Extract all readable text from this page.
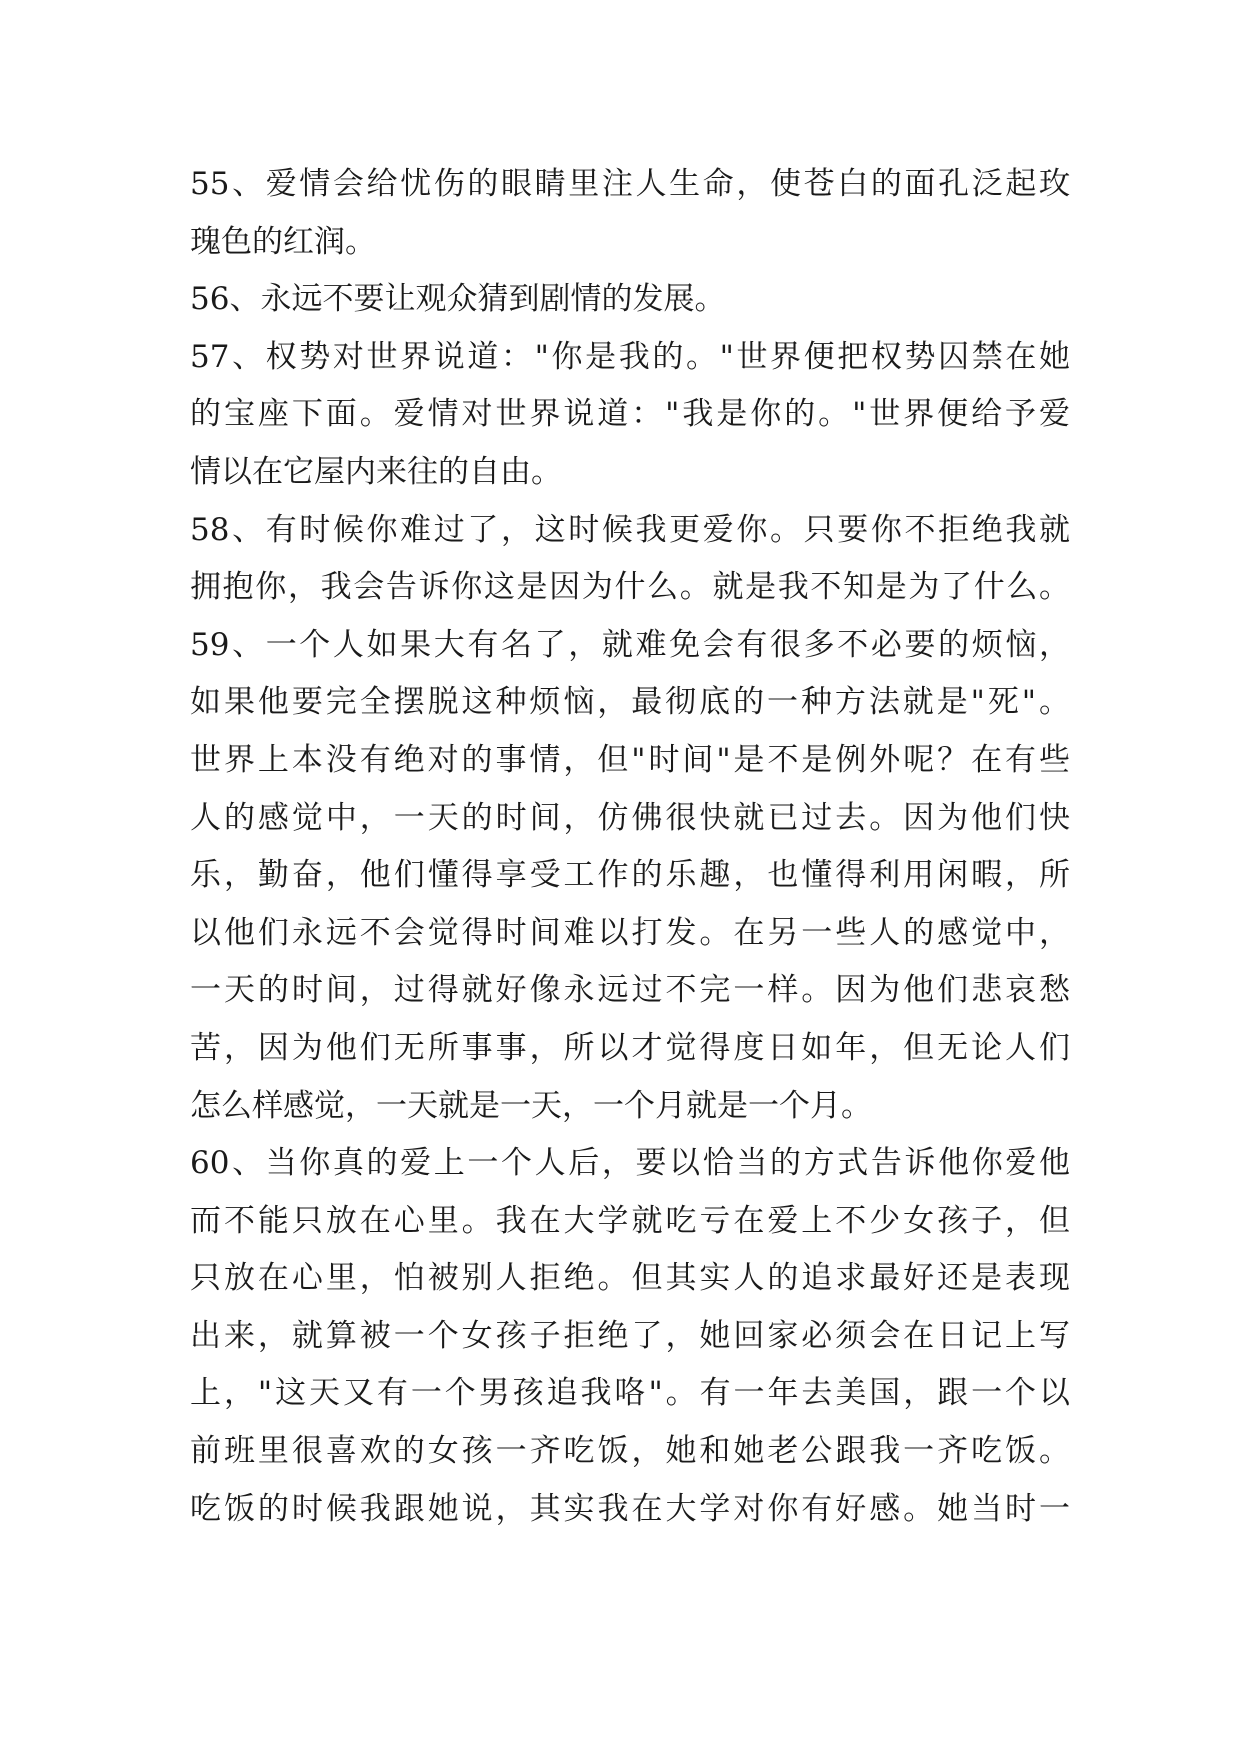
55、爱情会给忧伤的眼睛里注人生命，使苍白的面孔泛起玫
瑰色的红润。
56、永远不要让观众猜到剧情的发展。
57、权势对世界说道："你是我的。"世界便把权势囚禁在她
的宝座下面。爱情对世界说道："我是你的。"世界便给予爱
情以在它屋内来往的自由。
58、有时候你难过了，这时候我更爱你。只要你不拒绝我就
拥抱你，我会告诉你这是因为什么。就是我不知是为了什么。
59、一个人如果大有名了，就难免会有很多不必要的烦恼，
如果他要完全摆脱这种烦恼，最彻底的一种方法就是"死"。
世界上本没有绝对的事情，但"时间"是不是例外呢？在有些
人的感觉中，一天的时间，仿佛很快就已过去。因为他们快
乐，勤奋，他们懂得享受工作的乐趣，也懂得利用闲暇，所
以他们永远不会觉得时间难以打发。在另一些人的感觉中，
一天的时间，过得就好像永远过不完一样。因为他们悲哀愁
苦，因为他们无所事事，所以才觉得度日如年，但无论人们
怎么样感觉，一天就是一天，一个月就是一个月。
60、当你真的爱上一个人后，要以恰当的方式告诉他你爱他
而不能只放在心里。我在大学就吃亏在爱上不少女孩子，但
只放在心里，怕被别人拒绝。但其实人的追求最好还是表现
出来，就算被一个女孩子拒绝了，她回家必须会在日记上写
上，"这天又有一个男孩追我咯"。有一年去美国，跟一个以
前班里很喜欢的女孩一齐吃饭，她和她老公跟我一齐吃饭。
吃饭的时候我跟她说，其实我在大学对你有好感。她当时一
